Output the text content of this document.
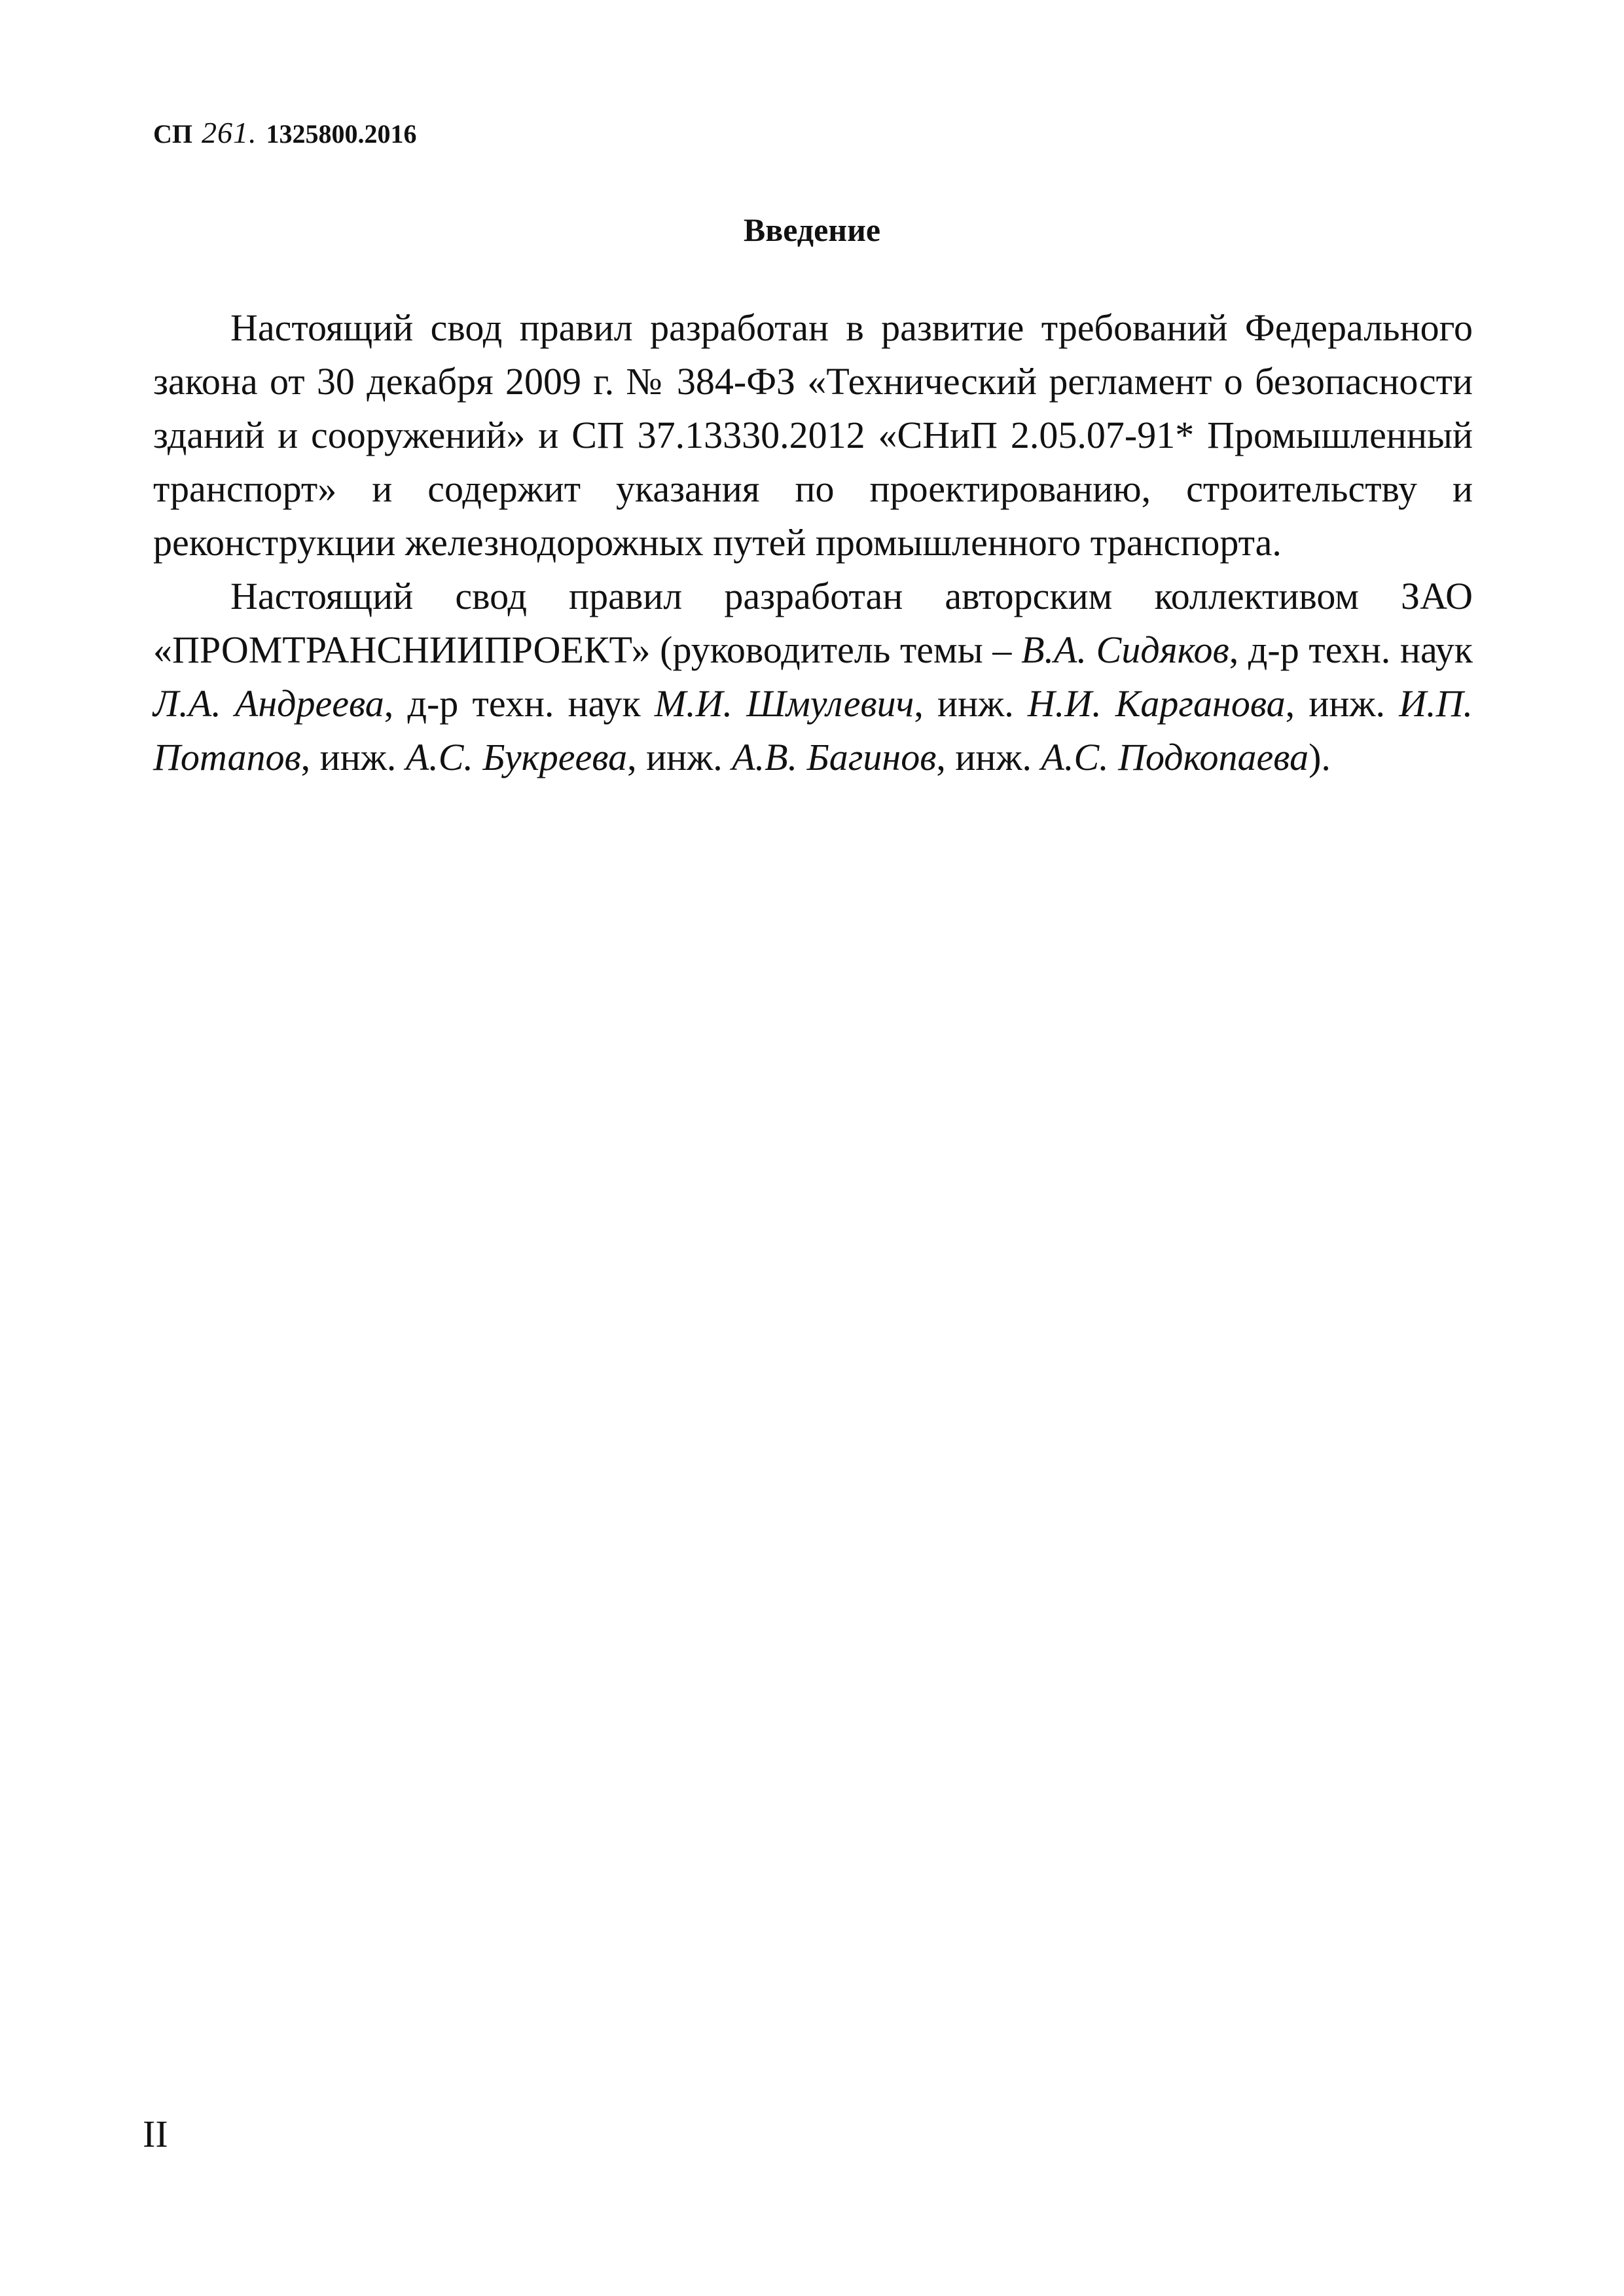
СП 261. 1325800.2016
Введение

Настоящий свод правил разработан в развитие требований Федерального закона от 30 декабря 2009 г. № 384-ФЗ «Технический регламент о безопасности зданий и сооружений» и СП 37.13330.2012 «СНиП 2.05.07-91* Промышленный транспорт» и содержит указания по проектированию, строительству и реконструкции железнодорожных путей промышленного транспорта.

Настоящий свод правил разработан авторским коллективом ЗАО «ПРОМТРАНСНИИПРОЕКТ» (руководитель темы – В.А. Сидяков, д-р техн. наук Л.А. Андреева, д-р техн. наук М.И. Шмулевич, инж. Н.И. Карганова, инж. И.П. Потапов, инж. А.С. Букреева, инж. А.В. Багинов, инж. А.С. Подкопаева).

II
